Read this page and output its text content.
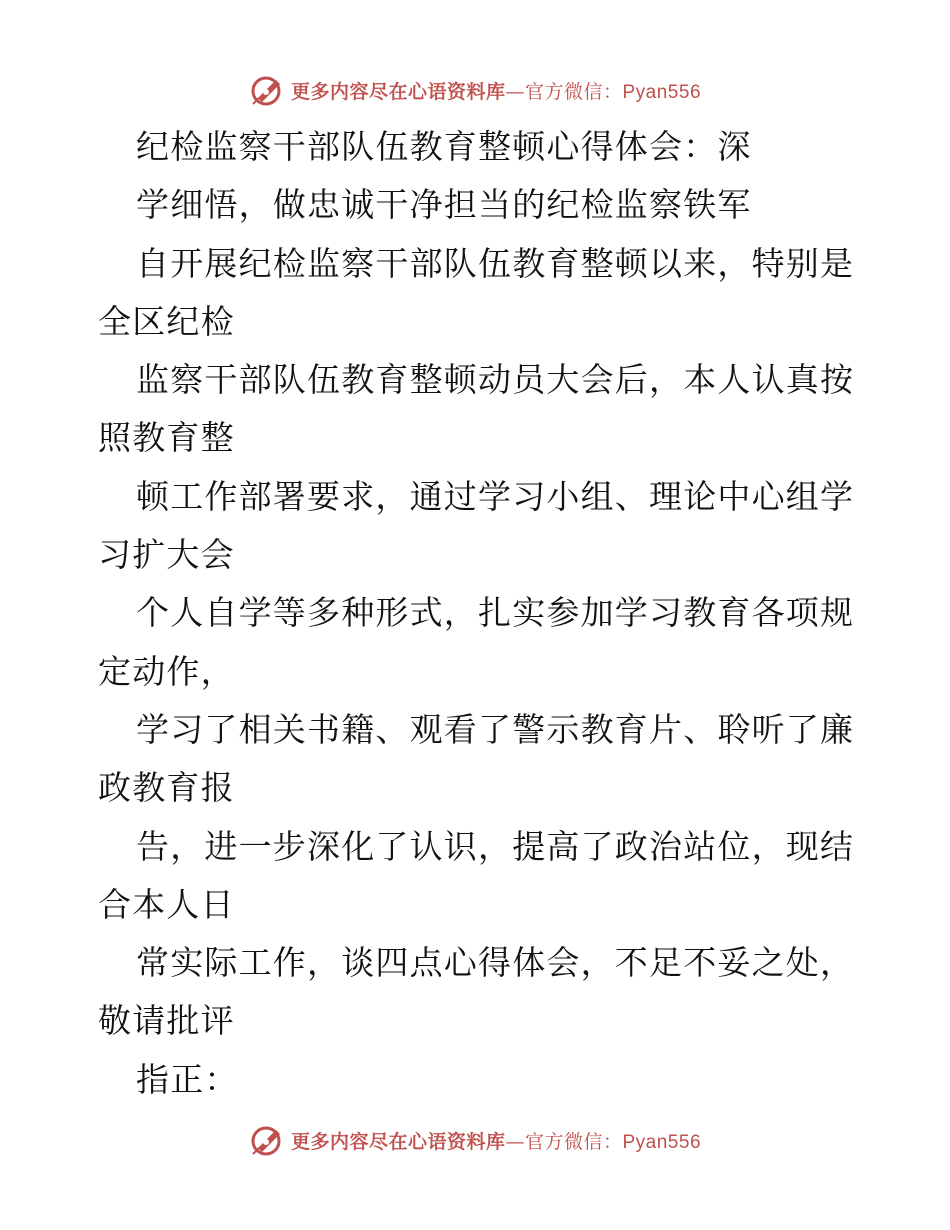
更多内容尽在心语资料库—官方微信：Pyan556
纪检监察干部队伍教育整顿心得体会：深
学细悟，做忠诚干净担当的纪检监察铁军
自开展纪检监察干部队伍教育整顿以来，特别是
全区纪检
监察干部队伍教育整顿动员大会后，本人认真按
照教育整
顿工作部署要求，通过学习小组、理论中心组学
习扩大会
个人自学等多种形式，扎实参加学习教育各项规
定动作，
学习了相关书籍、观看了警示教育片、聆听了廉
政教育报
告，进一步深化了认识，提高了政治站位，现结
合本人日
常实际工作，谈四点心得体会，不足不妥之处，
敬请批评
指正：
更多内容尽在心语资料库—官方微信：Pyan556
